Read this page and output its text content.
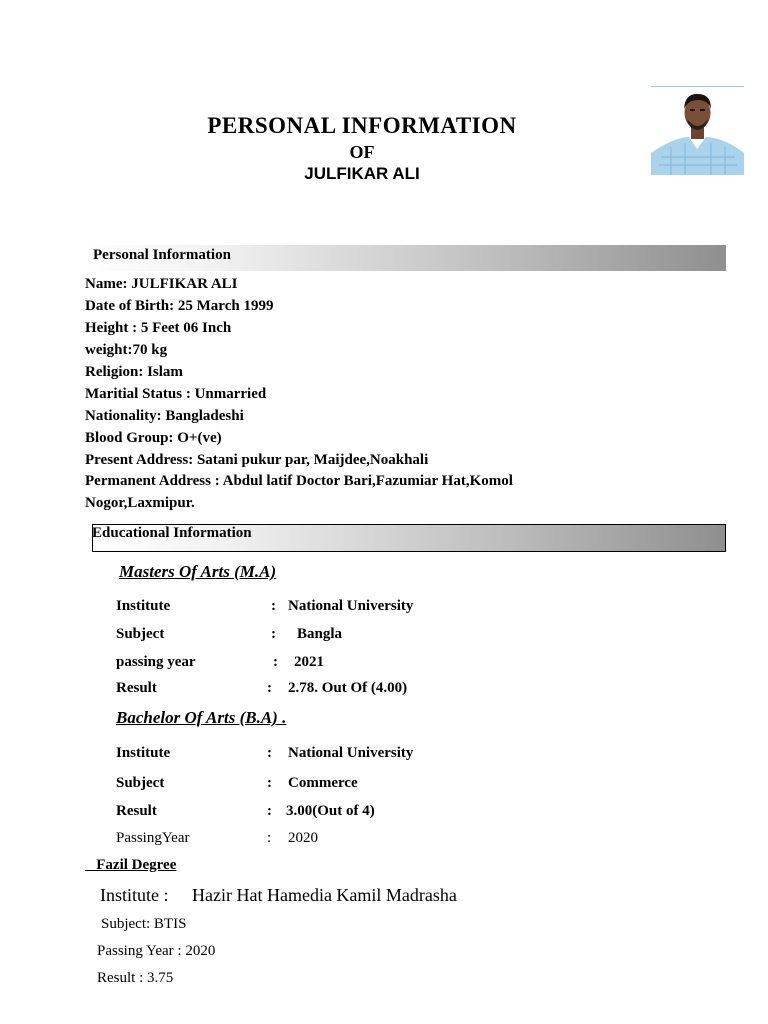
PERSONAL INFORMATION
OF
JULFIKAR ALI
Personal Information
Name: JULFIKAR ALI
Date of Birth: 25 March 1999
Height : 5 Feet 06 Inch
weight:70 kg
Religion: Islam
Maritial Status : Unmarried
Nationality: Bangladeshi
Blood Group: O+(ve)
Present Address: Satani pukur par, Maijdee,Noakhali
Permanent Address : Abdul latif Doctor Bari,Fazumiar Hat,Komol
Nogor,Laxmipur.
Educational Information
Masters Of Arts (M.A)
Institute	: National University
Subject	: Bangla
passing year	: 2021
Result	: 2.78. Out Of (4.00)
Bachelor Of Arts (B.A) .
Institute	: National University
Subject	: Commerce
Result	: 3.00(Out of 4)
PassingYear	: 2020
Fazil Degree
Institute : Hazir Hat Hamedia Kamil Madrasha
Subject: BTIS
Passing Year : 2020
Result : 3.75
